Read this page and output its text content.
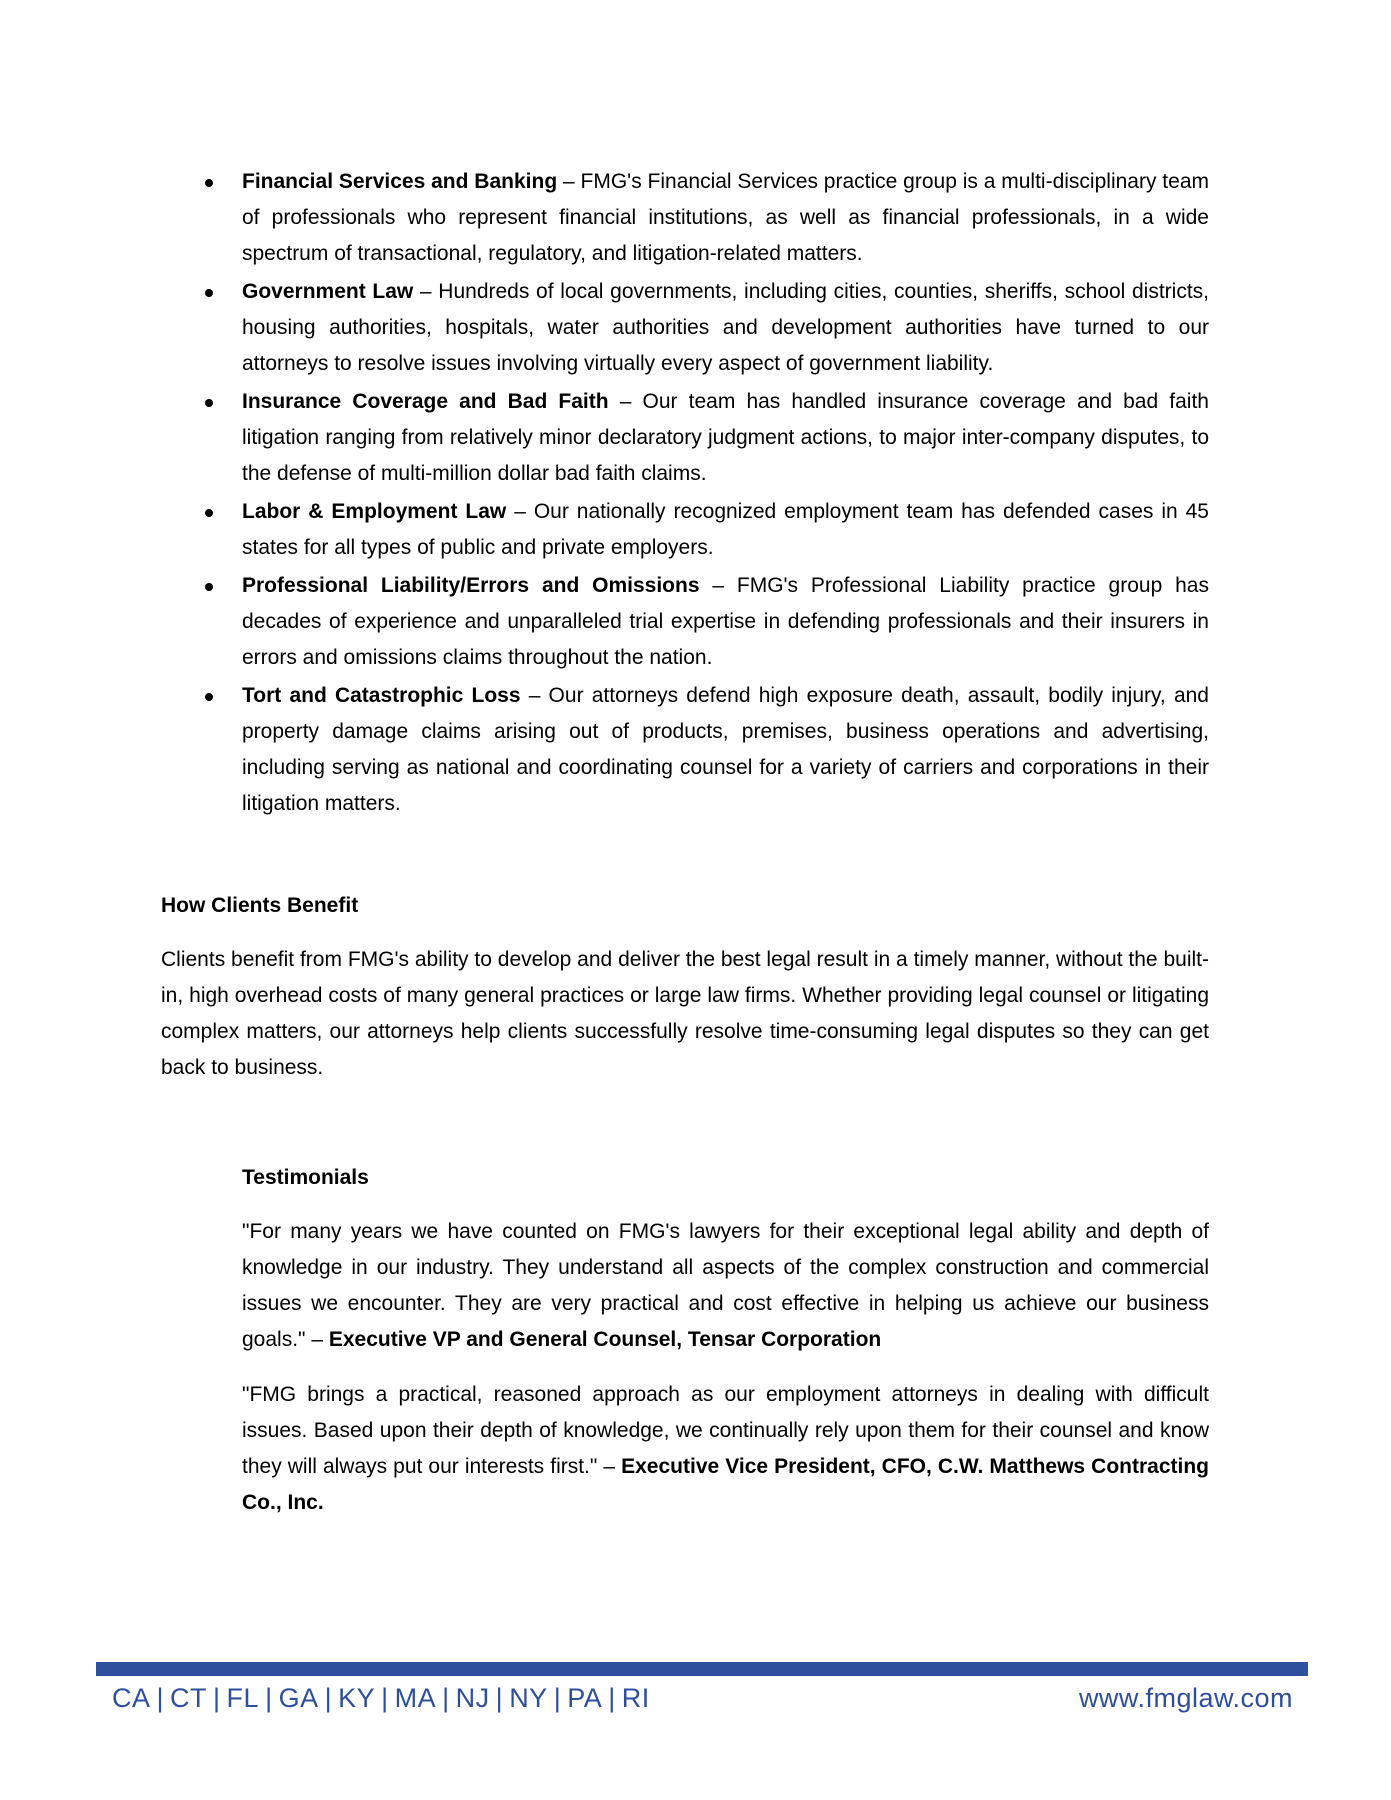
Financial Services and Banking – FMG's Financial Services practice group is a multi-disciplinary team of professionals who represent financial institutions, as well as financial professionals, in a wide spectrum of transactional, regulatory, and litigation-related matters.
Government Law – Hundreds of local governments, including cities, counties, sheriffs, school districts, housing authorities, hospitals, water authorities and development authorities have turned to our attorneys to resolve issues involving virtually every aspect of government liability.
Insurance Coverage and Bad Faith – Our team has handled insurance coverage and bad faith litigation ranging from relatively minor declaratory judgment actions, to major inter-company disputes, to the defense of multi-million dollar bad faith claims.
Labor & Employment Law – Our nationally recognized employment team has defended cases in 45 states for all types of public and private employers.
Professional Liability/Errors and Omissions – FMG's Professional Liability practice group has decades of experience and unparalleled trial expertise in defending professionals and their insurers in errors and omissions claims throughout the nation.
Tort and Catastrophic Loss – Our attorneys defend high exposure death, assault, bodily injury, and property damage claims arising out of products, premises, business operations and advertising, including serving as national and coordinating counsel for a variety of carriers and corporations in their litigation matters.
How Clients Benefit

Clients benefit from FMG's ability to develop and deliver the best legal result in a timely manner, without the built-in, high overhead costs of many general practices or large law firms. Whether providing legal counsel or litigating complex matters, our attorneys help clients successfully resolve time-consuming legal disputes so they can get back to business.

Testimonials

"For many years we have counted on FMG's lawyers for their exceptional legal ability and depth of knowledge in our industry. They understand all aspects of the complex construction and commercial issues we encounter. They are very practical and cost effective in helping us achieve our business goals." – Executive VP and General Counsel, Tensar Corporation

"FMG brings a practical, reasoned approach as our employment attorneys in dealing with difficult issues. Based upon their depth of knowledge, we continually rely upon them for their counsel and know they will always put our interests first." – Executive Vice President, CFO, C.W. Matthews Contracting Co., Inc.

CA | CT | FL | GA | KY | MA | NJ | NY | PA | RI	www.fmglaw.com
